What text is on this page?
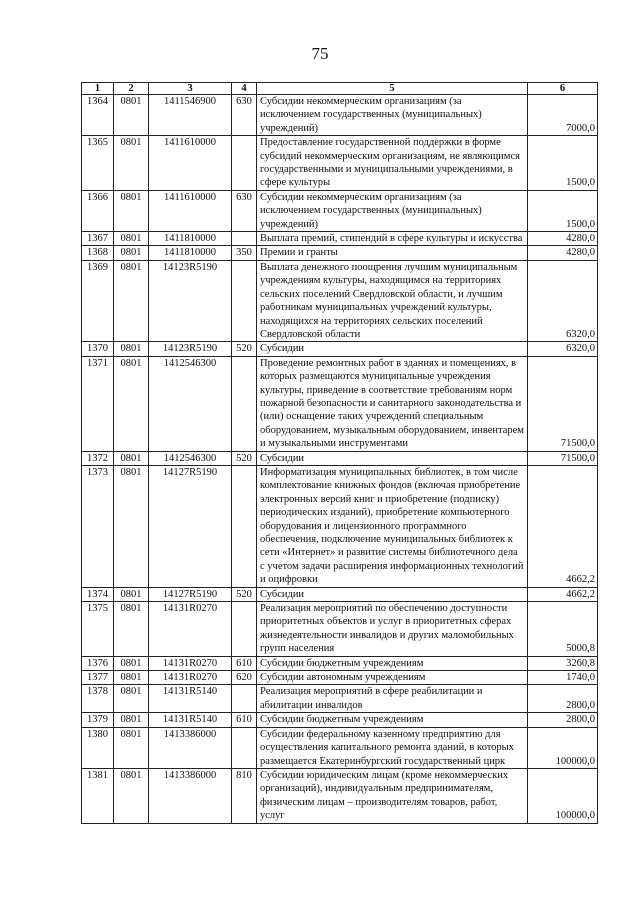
75
1	2	3	4	5	6
1364	0801	1411546900	630	Субсидии некоммерческим организациям (за исключением государственных (муниципальных) учреждений)	7000,0
1365	0801	1411610000		Предоставление государственной поддержки в форме субсидий некоммерческим организациям, не являющимся государственными и муниципальными учреждениями, в сфере культуры	1500,0
1366	0801	1411610000	630	Субсидии некоммерческим организациям (за исключением государственных (муниципальных) учреждений)	1500,0
1367	0801	1411810000		Выплата премий, стипендий в сфере культуры и искусства	4280,0
1368	0801	1411810000	350	Премии и гранты	4280,0
1369	0801	14123R5190		Выплата денежного поощрения лучшим муниципальным учреждениям культуры, находящимся на территориях сельских поселений Свердловской области, и лучшим работникам муниципальных учреждений культуры, находящихся на территориях сельских поселений Свердловской области	6320,0
1370	0801	14123R5190	520	Субсидии	6320,0
1371	0801	1412546300		Проведение ремонтных работ в зданиях и помещениях, в которых размещаются муниципальные учреждения культуры, приведение в соответствие требованиям норм пожарной безопасности и санитарного законодательства и (или) оснащение таких учреждений специальным оборудованием, музыкальным оборудованием, инвентарем и музыкальными инструментами	71500,0
1372	0801	1412546300	520	Субсидии	71500,0
1373	0801	14127R5190		Информатизация муниципальных библиотек, в том числе комплектование книжных фондов (включая приобретение электронных версий книг и приобретение (подписку) периодических изданий), приобретение компьютерного оборудования и лицензионного программного обеспечения, подключение муниципальных библиотек к сети «Интернет» и развитие системы библиотечного дела с учетом задачи расширения информационных технологий и оцифровки	4662,2
1374	0801	14127R5190	520	Субсидии	4662,2
1375	0801	14131R0270		Реализация мероприятий по обеспечению доступности приоритетных объектов и услуг в приоритетных сферах жизнедеятельности инвалидов и других маломобильных групп населения	5000,8
1376	0801	14131R0270	610	Субсидии бюджетным учреждениям	3260,8
1377	0801	14131R0270	620	Субсидии автономным учреждениям	1740,0
1378	0801	14131R5140		Реализация мероприятий в сфере реабилитации и абилитации инвалидов	2800,0
1379	0801	14131R5140	610	Субсидии бюджетным учреждениям	2800,0
1380	0801	1413386000		Субсидии федеральному казенному предприятию для осуществления капитального ремонта зданий, в которых размещается Екатеринбургский государственный цирк	100000,0
1381	0801	1413386000	810	Субсидии юридическим лицам (кроме некоммерческих организаций), индивидуальным предпринимателям, физическим лицам – производителям товаров, работ, услуг	100000,0
